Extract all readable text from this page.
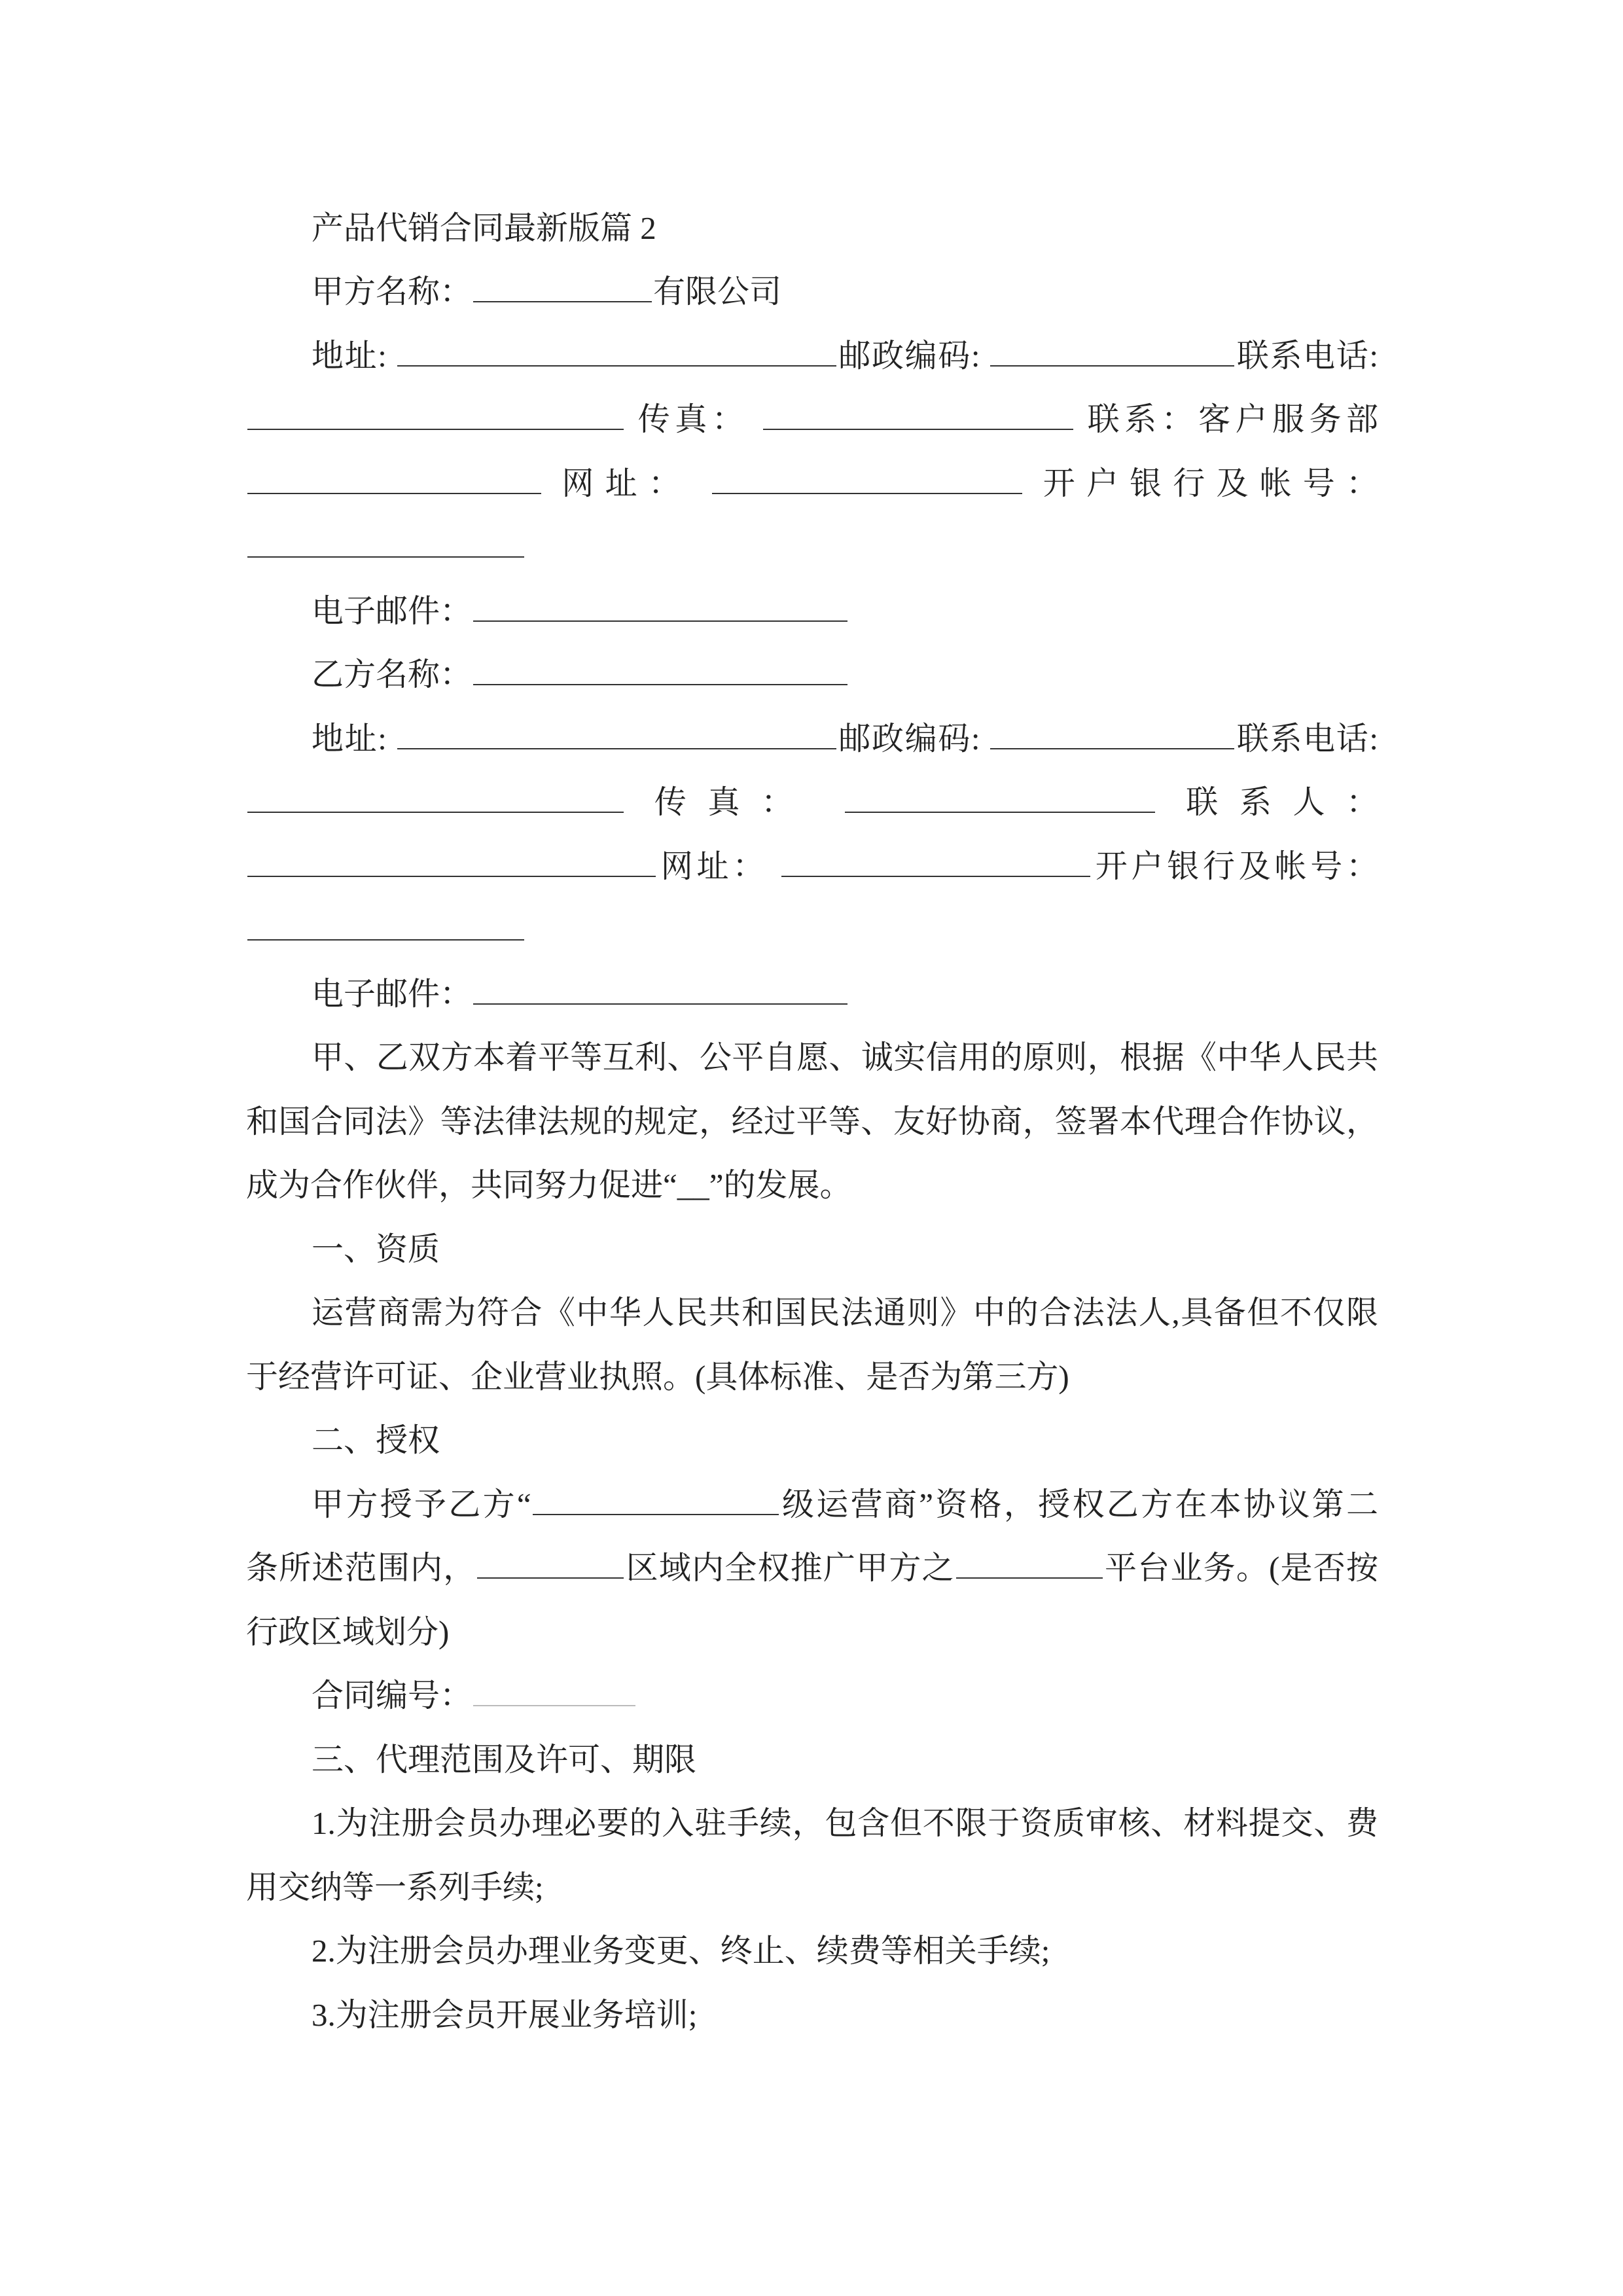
产品代销合同最新版篇 2
甲方名称：	有限公司
地址:	邮政编码:	联系电话:
传真：	联系：客户服务部
网址：	开户银行及帐号：
电子邮件：
乙方名称：
地址:	邮政编码:	联系电话:
传真：	联系人：
网址：	开户银行及帐号：
电子邮件：
甲、乙双方本着平等互利、公平自愿、诚实信用的原则，根据《中华人民共
和国合同法》等法律法规的规定，经过平等、友好协商，签署本代理合作协议，
成为合作伙伴，共同努力促进“__”的发展。
一、资质
运营商需为符合《中华人民共和国民法通则》中的合法法人,具备但不仅限
于经营许可证、企业营业执照。(具体标准、是否为第三方)
二、授权
甲方授予乙方“	级运营商”资格，授权乙方在本协议第二
条所述范围内，	区域内全权推广甲方之	平台业务。(是否按
行政区域划分)
合同编号：
三、代理范围及许可、期限
1.为注册会员办理必要的入驻手续，包含但不限于资质审核、材料提交、费
用交纳等一系列手续;
2.为注册会员办理业务变更、终止、续费等相关手续;
3.为注册会员开展业务培训;
